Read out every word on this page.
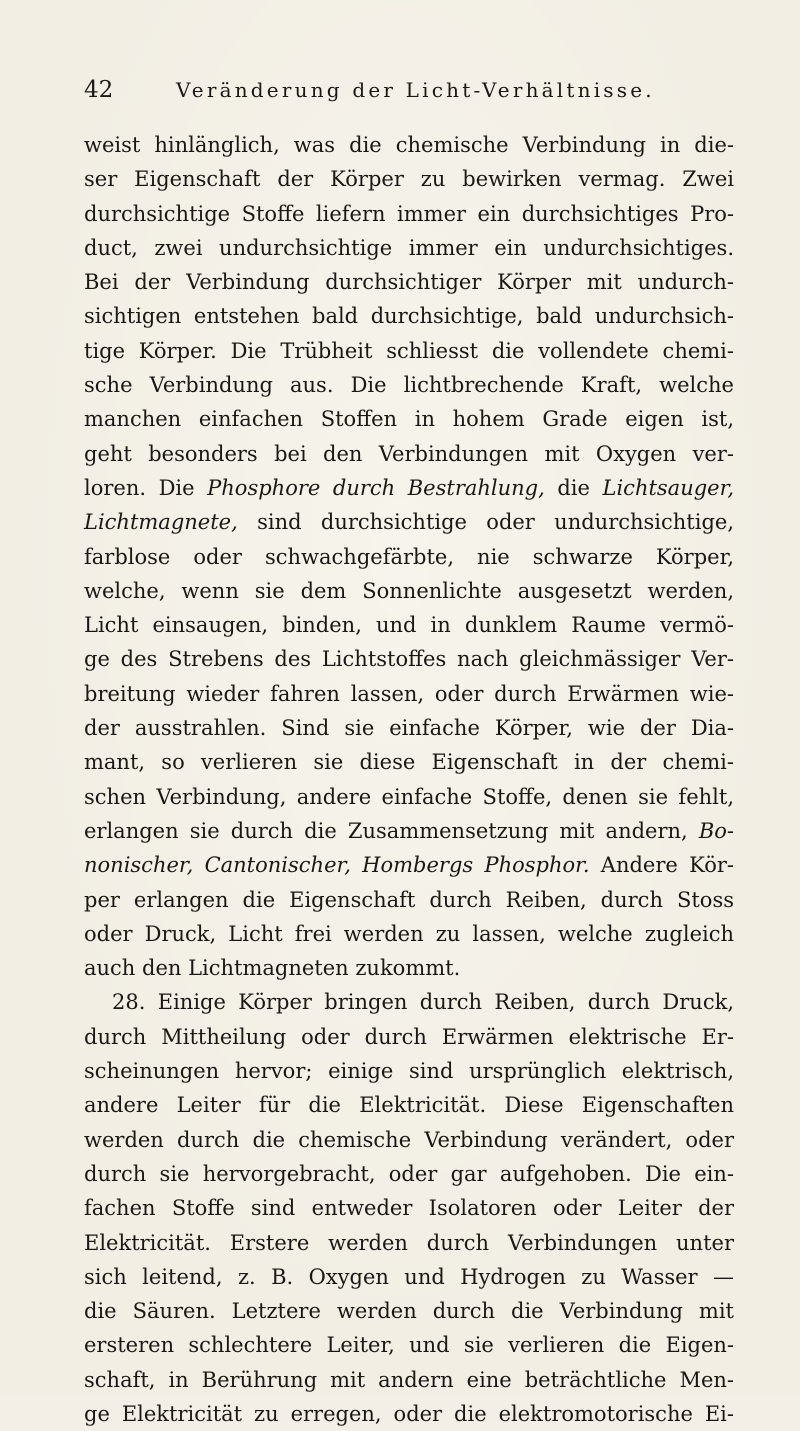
42	Veränderung der Licht-Verhältnisse.
weist hinlänglich, was die chemische Verbindung in die-
ser Eigenschaft der Körper zu bewirken vermag. Zwei
durchsichtige Stoffe liefern immer ein durchsichtiges Pro-
duct, zwei undurchsichtige immer ein undurchsichtiges.
Bei der Verbindung durchsichtiger Körper mit undurch-
sichtigen entstehen bald durchsichtige, bald undurchsich-
tige Körper. Die Trübheit schliesst die vollendete chemi-
sche Verbindung aus. Die lichtbrechende Kraft, welche
manchen einfachen Stoffen in hohem Grade eigen ist,
geht besonders bei den Verbindungen mit Oxygen ver-
loren. Die Phosphore durch Bestrahlung, die Lichtsauger,
Lichtmagnete, sind durchsichtige oder undurchsichtige,
farblose oder schwachgefärbte, nie schwarze Körper,
welche, wenn sie dem Sonnenlichte ausgesetzt werden,
Licht einsaugen, binden, und in dunklem Raume vermö-
ge des Strebens des Lichtstoffes nach gleichmässiger Ver-
breitung wieder fahren lassen, oder durch Erwärmen wie-
der ausstrahlen. Sind sie einfache Körper, wie der Dia-
mant, so verlieren sie diese Eigenschaft in der chemi-
schen Verbindung, andere einfache Stoffe, denen sie fehlt,
erlangen sie durch die Zusammensetzung mit andern, Bo-
nonischer, Cantonischer, Hombergs Phosphor. Andere Kör-
per erlangen die Eigenschaft durch Reiben, durch Stoss
oder Druck, Licht frei werden zu lassen, welche zugleich
auch den Lichtmagneten zukommt.
28. Einige Körper bringen durch Reiben, durch Druck,
durch Mittheilung oder durch Erwärmen elektrische Er-
scheinungen hervor; einige sind ursprünglich elektrisch,
andere Leiter für die Elektricität. Diese Eigenschaften
werden durch die chemische Verbindung verändert, oder
durch sie hervorgebracht, oder gar aufgehoben. Die ein-
fachen Stoffe sind entweder Isolatoren oder Leiter der
Elektricität. Erstere werden durch Verbindungen unter
sich leitend, z. B. Oxygen und Hydrogen zu Wasser —
die Säuren. Letztere werden durch die Verbindung mit
ersteren schlechtere Leiter, und sie verlieren die Eigen-
schaft, in Berührung mit andern eine beträchtliche Men-
ge Elektricität zu erregen, oder die elektromotorische Ei-
